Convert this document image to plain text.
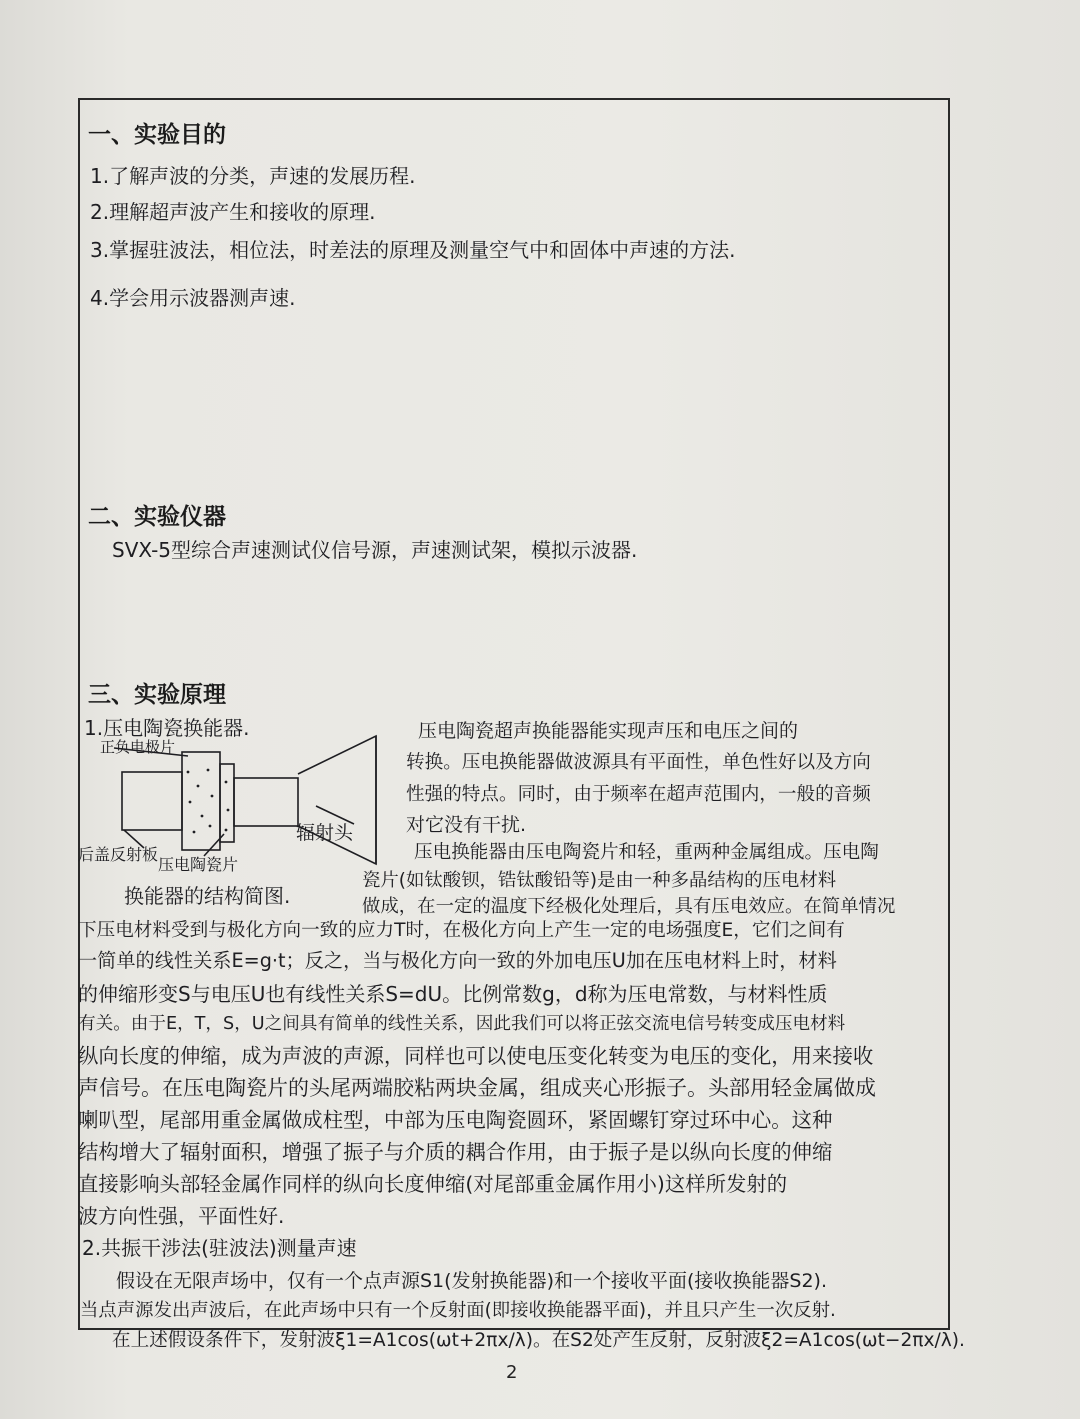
一、实验目的

1.了解声波的分类，声速的发展历程.

2.理解超声波产生和接收的原理.

3.掌握驻波法，相位法，时差法的原理及测量空气中和固体中声速的方法.

4.学会用示波器测声速.

二、实验仪器

SVX-5型综合声速测试仪信号源，声速测试架，模拟示波器.

三、实验原理

1.压电陶瓷换能器.

正负电极片
辐射头
后盖反射板
压电陶瓷片
换能器的结构简图.

压电陶瓷超声换能器能实现声压和电压之间的

转换。压电换能器做波源具有平面性，单色性好以及方向

性强的特点。同时，由于频率在超声范围内，一般的音频

对它没有干扰.

压电换能器由压电陶瓷片和轻，重两种金属组成。压电陶

瓷片(如钛酸钡，锆钛酸铅等)是由一种多晶结构的压电材料

做成，在一定的温度下经极化处理后，具有压电效应。在简单情况

下压电材料受到与极化方向一致的应力T时，在极化方向上产生一定的电场强度E，它们之间有

一简单的线性关系E=g·t；反之，当与极化方向一致的外加电压U加在压电材料上时，材料

的伸缩形变S与电压U也有线性关系S=dU。比例常数g，d称为压电常数，与材料性质

有关。由于E，T，S，U之间具有简单的线性关系，因此我们可以将正弦交流电信号转变成压电材料

纵向长度的伸缩，成为声波的声源，同样也可以使电压变化转变为电压的变化，用来接收

声信号。在压电陶瓷片的头尾两端胶粘两块金属，组成夹心形振子。头部用轻金属做成

喇叭型，尾部用重金属做成柱型，中部为压电陶瓷圆环，紧固螺钉穿过环中心。这种

结构增大了辐射面积，增强了振子与介质的耦合作用，由于振子是以纵向长度的伸缩

直接影响头部轻金属作同样的纵向长度伸缩(对尾部重金属作用小)这样所发射的

波方向性强，平面性好.

2.共振干涉法(驻波法)测量声速

假设在无限声场中，仅有一个点声源S1(发射换能器)和一个接收平面(接收换能器S2).

当点声源发出声波后，在此声场中只有一个反射面(即接收换能器平面)，并且只产生一次反射.

在上述假设条件下，发射波ξ1=A1cos(ωt+2πx/λ)。在S2处产生反射，反射波ξ2=A1cos(ωt−2πx/λ).

2
